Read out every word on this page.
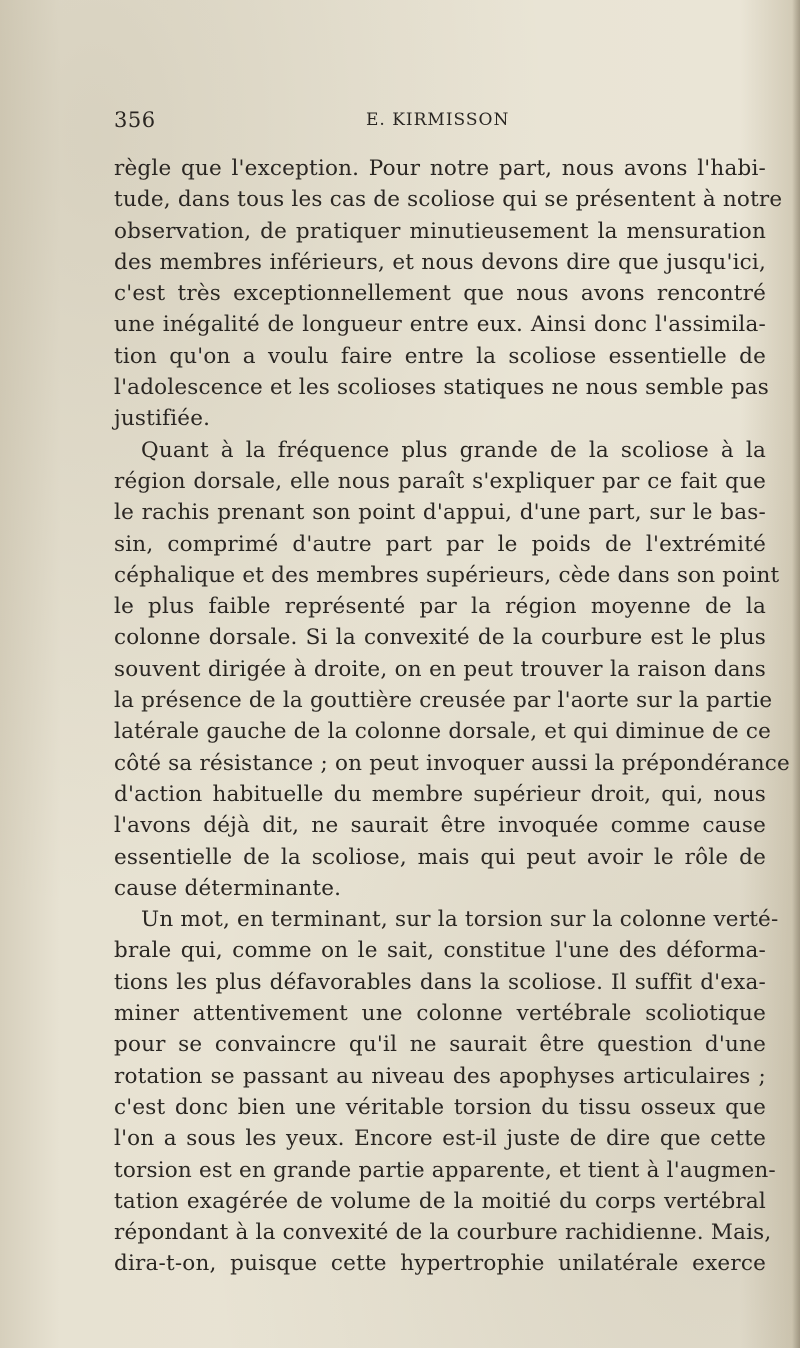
356	E. KIRMISSON
règle que l'exception. Pour notre part, nous avons l'habi-
tude, dans tous les cas de scoliose qui se présentent à notre
observation, de pratiquer minutieusement la mensuration
des membres inférieurs, et nous devons dire que jusqu'ici,
c'est très exceptionnellement que nous avons rencontré
une inégalité de longueur entre eux. Ainsi donc l'assimila-
tion qu'on a voulu faire entre la scoliose essentielle de
l'adolescence et les scolioses statiques ne nous semble pas
justifiée.
Quant à la fréquence plus grande de la scoliose à la
région dorsale, elle nous paraît s'expliquer par ce fait que
le rachis prenant son point d'appui, d'une part, sur le bas-
sin, comprimé d'autre part par le poids de l'extrémité
céphalique et des membres supérieurs, cède dans son point
le plus faible représenté par la région moyenne de la
colonne dorsale. Si la convexité de la courbure est le plus
souvent dirigée à droite, on en peut trouver la raison dans
la présence de la gouttière creusée par l'aorte sur la partie
latérale gauche de la colonne dorsale, et qui diminue de ce
côté sa résistance ; on peut invoquer aussi la prépondérance
d'action habituelle du membre supérieur droit, qui, nous
l'avons déjà dit, ne saurait être invoquée comme cause
essentielle de la scoliose, mais qui peut avoir le rôle de
cause déterminante.
Un mot, en terminant, sur la torsion sur la colonne verté-
brale qui, comme on le sait, constitue l'une des déforma-
tions les plus défavorables dans la scoliose. Il suffit d'exa-
miner attentivement une colonne vertébrale scoliotique
pour se convaincre qu'il ne saurait être question d'une
rotation se passant au niveau des apophyses articulaires ;
c'est donc bien une véritable torsion du tissu osseux que
l'on a sous les yeux. Encore est-il juste de dire que cette
torsion est en grande partie apparente, et tient à l'augmen-
tation exagérée de volume de la moitié du corps vertébral
répondant à la convexité de la courbure rachidienne. Mais,
dira-t-on, puisque cette hypertrophie unilatérale exerce
